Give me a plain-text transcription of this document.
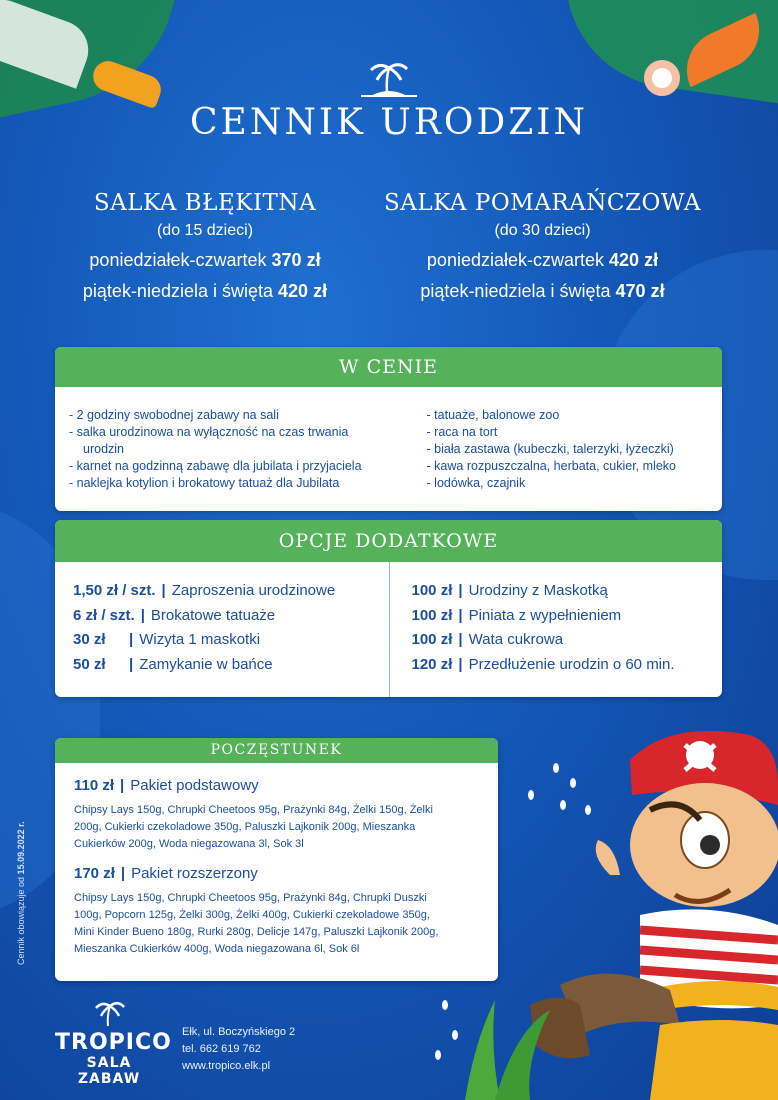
CENNIK URODZIN
SALKA BŁĘKITNA
(do 15 dzieci)
poniedziałek-czwartek 370 zł
piątek-niedziela i święta 420 zł
SALKA POMARAŃCZOWA
(do 30 dzieci)
poniedziałek-czwartek 420 zł
piątek-niedziela i święta 470 zł
W CENIE
- 2 godziny swobodnej zabawy na sali
- salka urodzinowa na wyłączność na czas trwania
urodzin
- karnet na godzinną zabawę dla jubilata i przyjaciela
- naklejka kotylion i brokatowy tatuaż dla Jubilata
- tatuaże, balonowe zoo
- raca na tort
- biała zastawa (kubeczki, talerzyki, łyżeczki)
- kawa rozpuszczalna, herbata, cukier, mleko
- lodówka, czajnik
OPCJE DODATKOWE
1,50 zł / szt. | Zaproszenia urodzinowe
6 zł / szt. | Brokatowe tatuaże
30 zł | Wizyta 1 maskotki
50 zł | Zamykanie w bańce
100 zł | Urodziny z Maskotką
100 zł | Piniata z wypełnieniem
100 zł | Wata cukrowa
120 zł | Przedłużenie urodzin o 60 min.
POCZĘSTUNEK
110 zł | Pakiet podstawowy
Chipsy Lays 150g, Chrupki Cheetoos 95g, Prażynki 84g, Żelki 150g, Żelki
200g, Cukierki czekoladowe 350g, Paluszki Lajkonik 200g, Mieszanka
Cukierków 200g, Woda niegazowana 3l, Sok 3l
170 zł | Pakiet rozszerzony
Chipsy Lays 150g, Chrupki Cheetoos 95g, Prażynki 84g, Chrupki Duszki
100g, Popcorn 125g, Żelki 300g, Żelki 400g, Cukierki czekoladowe 350g,
Mini Kinder Bueno 180g, Rurki 280g, Delicje 147g, Paluszki Lajkonik 200g,
Mieszanka Cukierków 400g, Woda niegazowana 6l, Sok 6l
Cennik obowiązuje od 15.09.2022 r.
TROPICO
SALA ZABAW
Ełk, ul. Boczyńskiego 2
tel. 662 619 762
www.tropico.elk.pl
